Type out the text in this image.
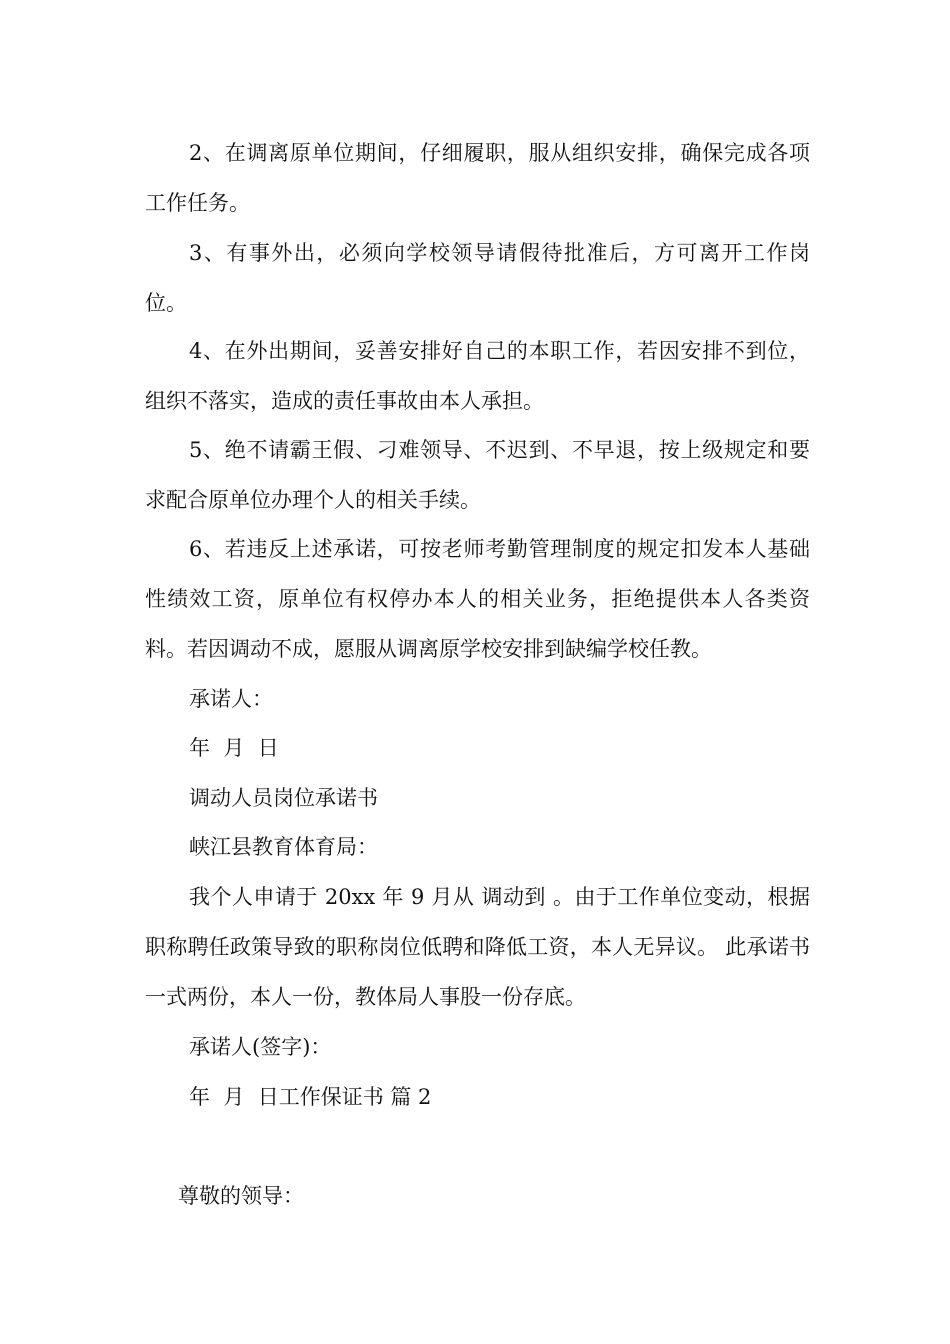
2、在调离原单位期间，仔细履职，服从组织安排，确保完成各项工作任务。

3、有事外出，必须向学校领导请假待批准后，方可离开工作岗位。

4、在外出期间，妥善安排好自己的本职工作，若因安排不到位，组织不落实，造成的责任事故由本人承担。

5、绝不请霸王假、刁难领导、不迟到、不早退，按上级规定和要求配合原单位办理个人的相关手续。

6、若违反上述承诺，可按老师考勤管理制度的规定扣发本人基础性绩效工资，原单位有权停办本人的相关业务，拒绝提供本人各类资料。若因调动不成，愿服从调离原学校安排到缺编学校任教。

承诺人：

年  月  日

调动人员岗位承诺书

峡江县教育体育局：

我个人申请于 20xx 年 9 月从 调动到 。由于工作单位变动，根据职称聘任政策导致的职称岗位低聘和降低工资，本人无异议。 此承诺书一式两份，本人一份，教体局人事股一份存底。

承诺人(签字)：

年  月  日工作保证书 篇 2

尊敬的领导：
